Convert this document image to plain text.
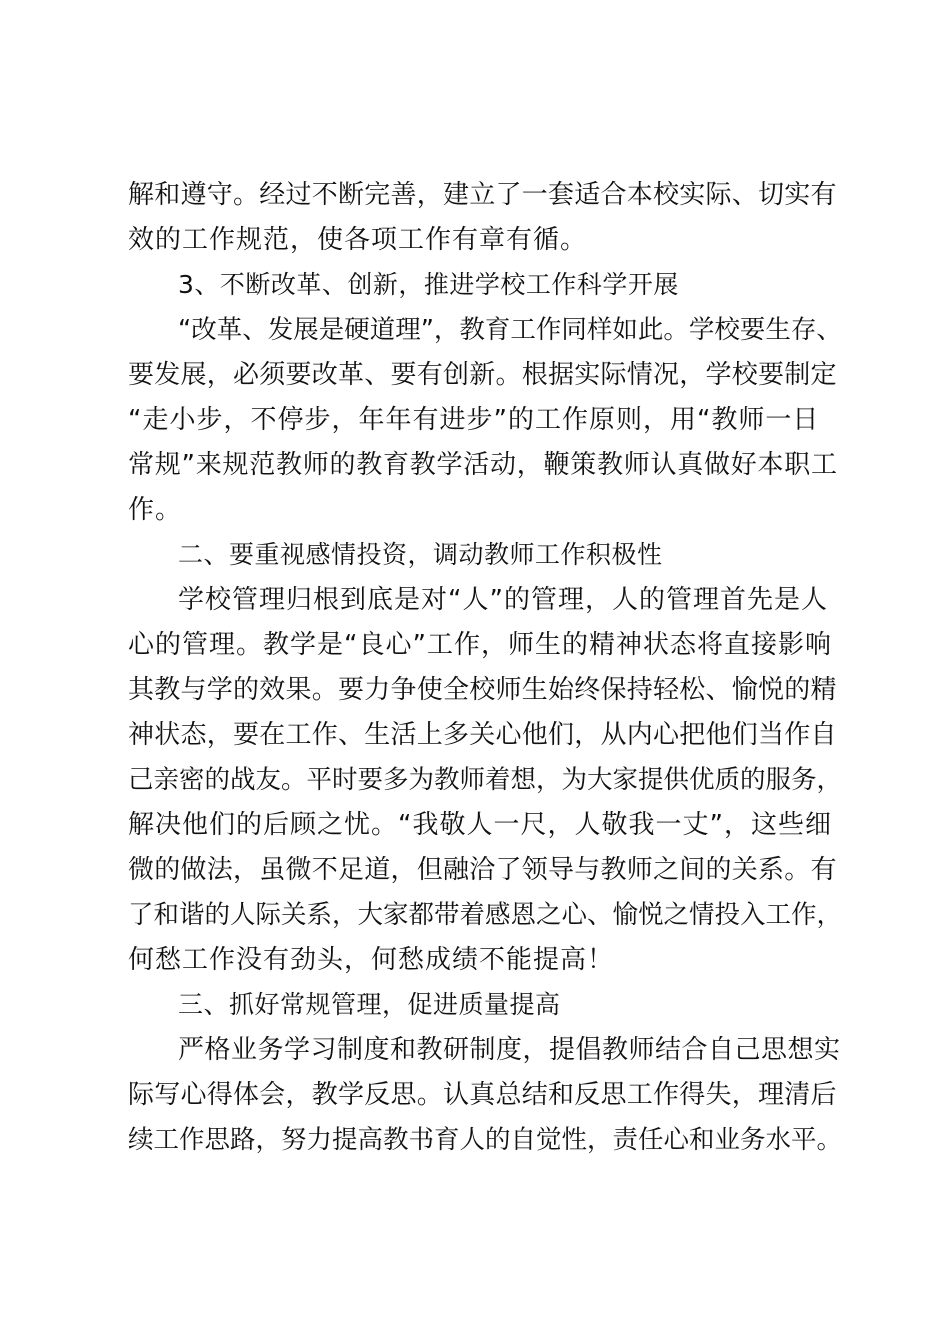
解和遵守。经过不断完善，建立了一套适合本校实际、切实有
效的工作规范，使各项工作有章有循。
3、不断改革、创新，推进学校工作科学开展
“改革、发展是硬道理”，教育工作同样如此。学校要生存、
要发展，必须要改革、要有创新。根据实际情况，学校要制定
“走小步，不停步，年年有进步”的工作原则，用“教师一日
常规”来规范教师的教育教学活动，鞭策教师认真做好本职工
作。
二、要重视感情投资，调动教师工作积极性
学校管理归根到底是对“人”的管理，人的管理首先是人
心的管理。教学是“良心”工作，师生的精神状态将直接影响
其教与学的效果。要力争使全校师生始终保持轻松、愉悦的精
神状态，要在工作、生活上多关心他们，从内心把他们当作自
己亲密的战友。平时要多为教师着想，为大家提供优质的服务，
解决他们的后顾之忧。“我敬人一尺，人敬我一丈”，这些细
微的做法，虽微不足道，但融洽了领导与教师之间的关系。有
了和谐的人际关系，大家都带着感恩之心、愉悦之情投入工作，
何愁工作没有劲头，何愁成绩不能提高！
三、抓好常规管理，促进质量提高
严格业务学习制度和教研制度，提倡教师结合自己思想实
际写心得体会，教学反思。认真总结和反思工作得失，理清后
续工作思路，努力提高教书育人的自觉性，责任心和业务水平。
